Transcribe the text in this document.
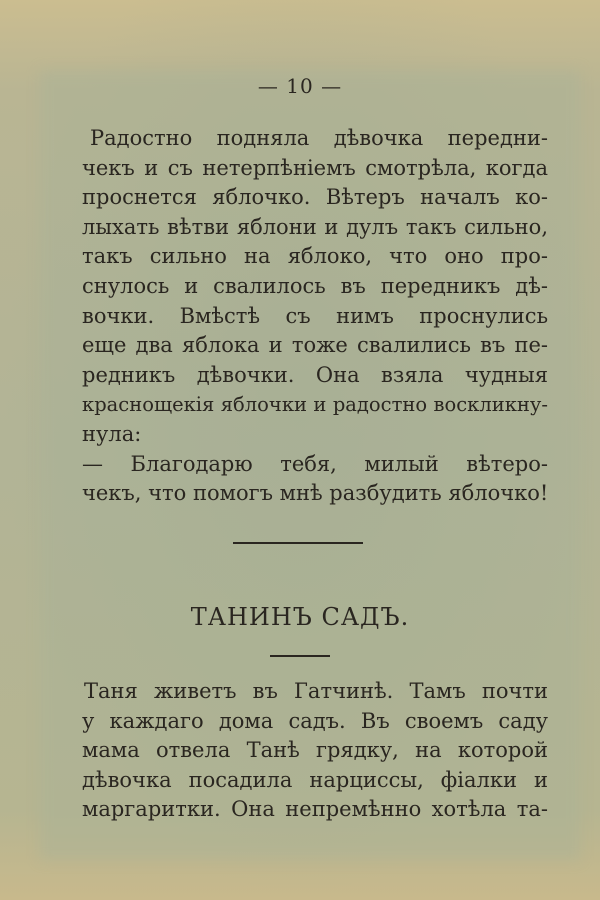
— 10 —
Радостно подняла дѣвочка передни-
чекъ и съ нетерпѣніемъ смотрѣла, когда
проснется яблочко. Вѣтеръ началъ ко-
лыхать вѣтви яблони и дулъ такъ сильно,
такъ сильно на яблоко, что оно про-
снулось и свалилось въ передникъ дѣ-
вочки. Вмѣстѣ съ нимъ проснулись
еще два яблока и тоже свалились въ пе-
редникъ дѣвочки. Она взяла чудныя
краснощекія яблочки и радостно воскликну-
нула:
— Благодарю тебя, милый вѣтеро-
чекъ, что помогъ мнѣ разбудить яблочко!
ТАНИНЪ САДЪ.
Таня живетъ въ Гатчинѣ. Тамъ почти
у каждаго дома садъ. Въ своемъ саду
мама отвела Танѣ грядку, на которой
дѣвочка посадила нарциссы, фіалки и
маргаритки. Она непремѣнно хотѣла та-
